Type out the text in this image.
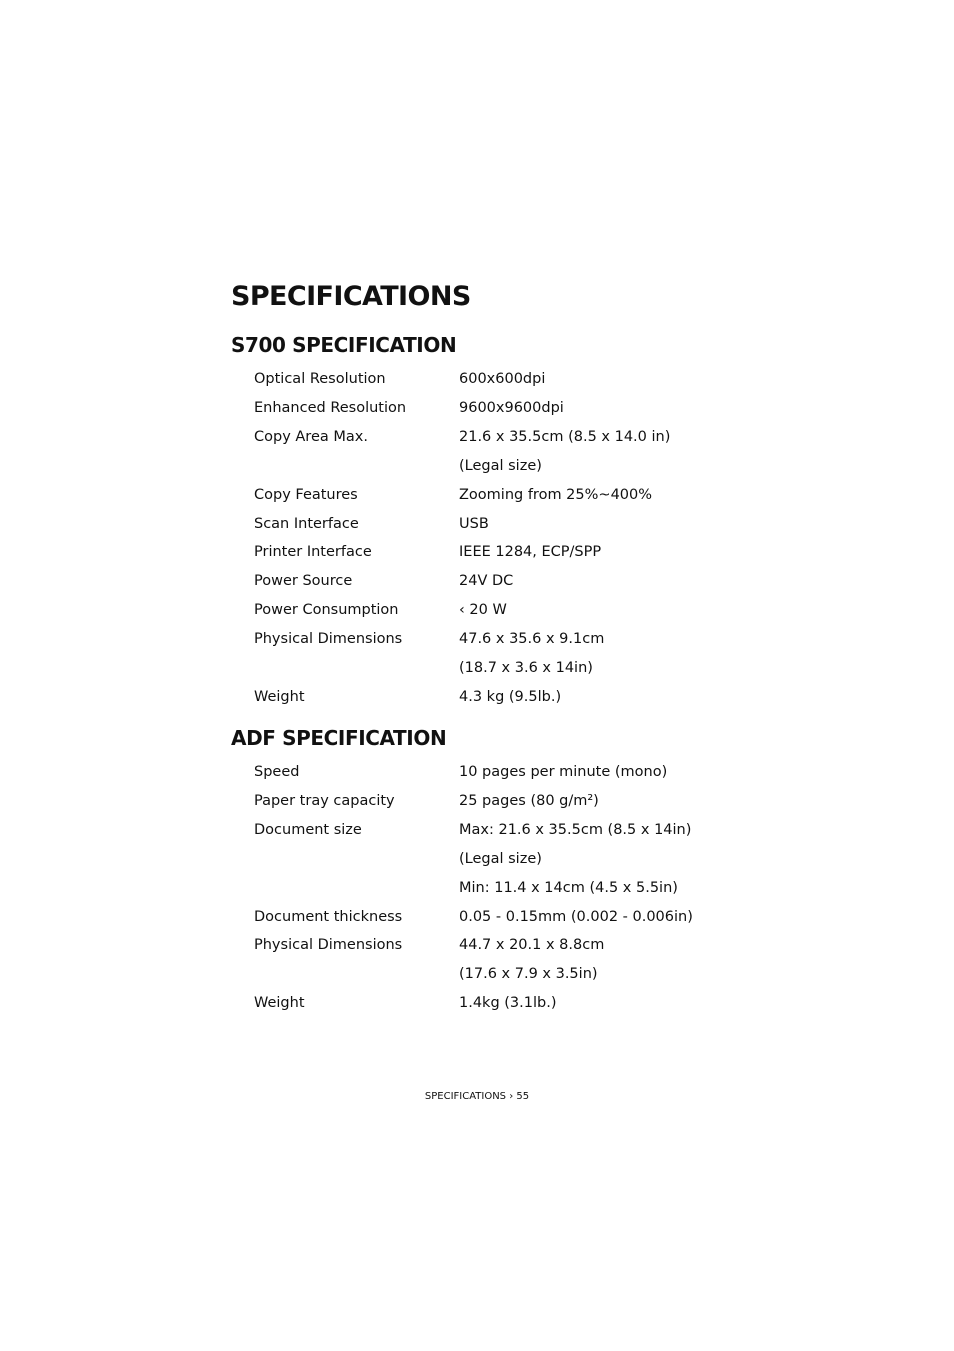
SPECIFICATIONS
S700 SPECIFICATION
Optical Resolution	600x600dpi
Enhanced Resolution	9600x9600dpi
Copy Area Max.	21.6 x 35.5cm (8.5 x 14.0 in)
(Legal size)
Copy Features	Zooming from 25%~400%
Scan Interface	USB
Printer Interface	IEEE 1284, ECP/SPP
Power Source	24V DC
Power Consumption	‹ 20 W
Physical Dimensions	47.6 x 35.6 x 9.1cm
(18.7 x 3.6 x 14in)
Weight	4.3 kg (9.5lb.)
ADF SPECIFICATION
Speed	10 pages per minute (mono)
Paper tray capacity	25 pages (80 g/m²)
Document size	Max: 21.6 x 35.5cm (8.5 x 14in)
(Legal size)
Min: 11.4 x 14cm (4.5 x 5.5in)
Document thickness	0.05 - 0.15mm (0.002 - 0.006in)
Physical Dimensions	44.7 x 20.1 x 8.8cm
(17.6 x 7.9 x 3.5in)
Weight	1.4kg (3.1lb.)
SPECIFICATIONS › 55
